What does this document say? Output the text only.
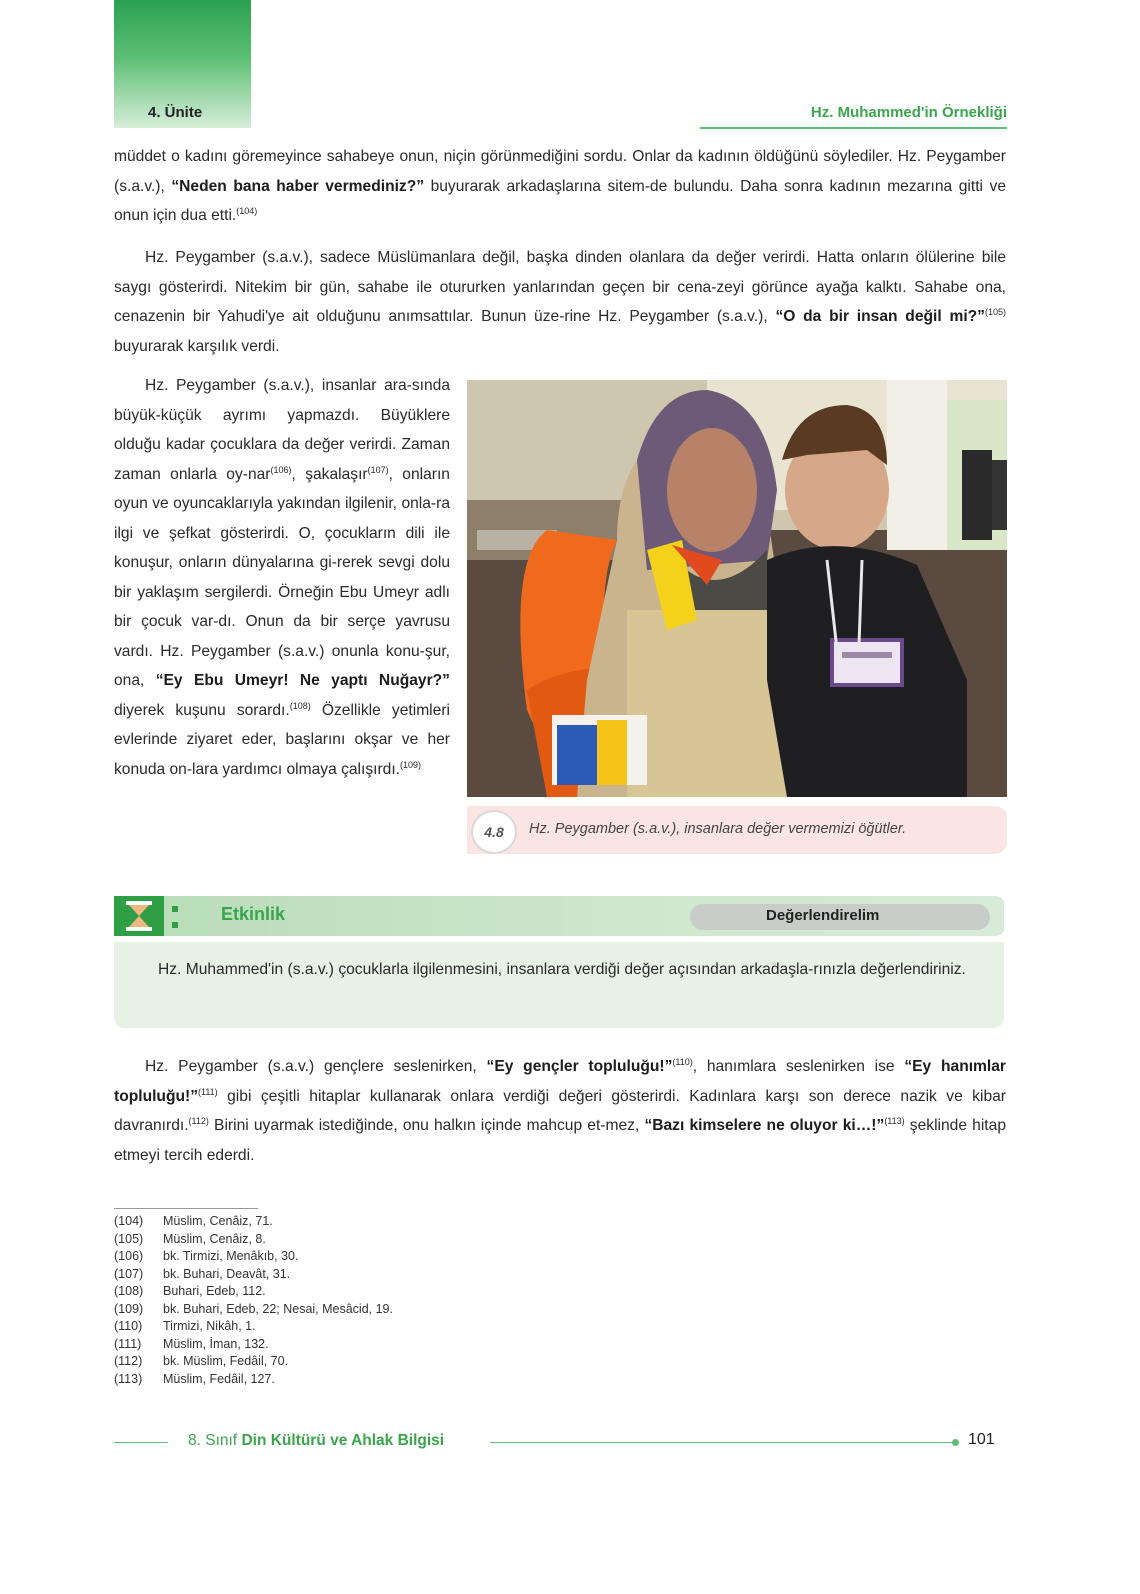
4. Ünite	Hz. Muhammed'in Örnekliği

müddet o kadını göremeyince sahabeye onun, niçin görünmediğini sordu. Onlar da kadının öldüğünü söylediler. Hz. Peygamber (s.a.v.), “Neden bana haber vermediniz?” buyurarak arkadaşlarına sitem-de bulundu. Daha sonra kadının mezarına gitti ve onun için dua etti.$^{(104)}$

Hz. Peygamber (s.a.v.), sadece Müslümanlara değil, başka dinden olanlara da değer verirdi. Hatta onların ölülerine bile saygı gösterirdi. Nitekim bir gün, sahabe ile otururken yanlarından geçen bir cena-zeyi görünce ayağa kalktı. Sahabe ona, cenazenin bir Yahudi'ye ait olduğunu anımsattılar. Bunun üze-rine Hz. Peygamber (s.a.v.), “O da bir insan değil mi?”$^{(105)}$ buyurarak karşılık verdi.

Hz. Peygamber (s.a.v.), insanlar ara-sında büyük-küçük ayrımı yapmazdı. Büyüklere olduğu kadar çocuklara da değer verirdi. Zaman zaman onlarla oy-nar$^{(106)}$, şakalaşır$^{(107)}$, onların oyun ve oyuncaklarıyla yakından ilgilenir, onla-ra ilgi ve şefkat gösterirdi. O, çocukların dili ile konuşur, onların dünyalarına gi-rerek sevgi dolu bir yaklaşım sergilerdi. Örneğin Ebu Umeyr adlı bir çocuk var-dı. Onun da bir serçe yavrusu vardı. Hz. Peygamber (s.a.v.) onunla konu-şur, ona, “Ey Ebu Umeyr! Ne yaptı Nuğayr?” diyerek kuşunu sorardı.$^{(108)}$ Özellikle yetimleri evlerinde ziyaret eder, başlarını okşar ve her konuda on-lara yardımcı olmaya çalışırdı.$^{(109)}$

4.8	Hz. Peygamber (s.a.v.), insanlara değer vermemizi öğütler.
Etkinlik	Değerlendirelim

Hz. Muhammed'in (s.a.v.) çocuklarla ilgilenmesini, insanlara verdiği değer açısından arkadaşla-rınızla değerlendiriniz.

Hz. Peygamber (s.a.v.) gençlere seslenirken, “Ey gençler topluluğu!”$^{(110)}$, hanımlara seslenirken ise “Ey hanımlar topluluğu!”$^{(111)}$ gibi çeşitli hitaplar kullanarak onlara verdiği değeri gösterirdi. Kadınlara karşı son derece nazik ve kibar davranırdı.$^{(112)}$ Birini uyarmak istediğinde, onu halkın içinde mahcup et-mez, “Bazı kimselere ne oluyor ki…!”$^{(113)}$ şeklinde hitap etmeyi tercih ederdi.

(104) Müslim, Cenâiz, 71.
(105) Müslim, Cenâiz, 8.
(106) bk. Tirmizi, Menâkıb, 30.
(107) bk. Buhari, Deavât, 31.
(108) Buhari, Edeb, 112.
(109) bk. Buhari, Edeb, 22; Nesai, Mesâcid, 19.
(110) Tirmizi, Nikâh, 1.
(111) Müslim, İman, 132.
(112) bk. Müslim, Fedâil, 70.
(113) Müslim, Fedâil, 127.
8. Sınıf Din Kültürü ve Ahlak Bilgisi	101
